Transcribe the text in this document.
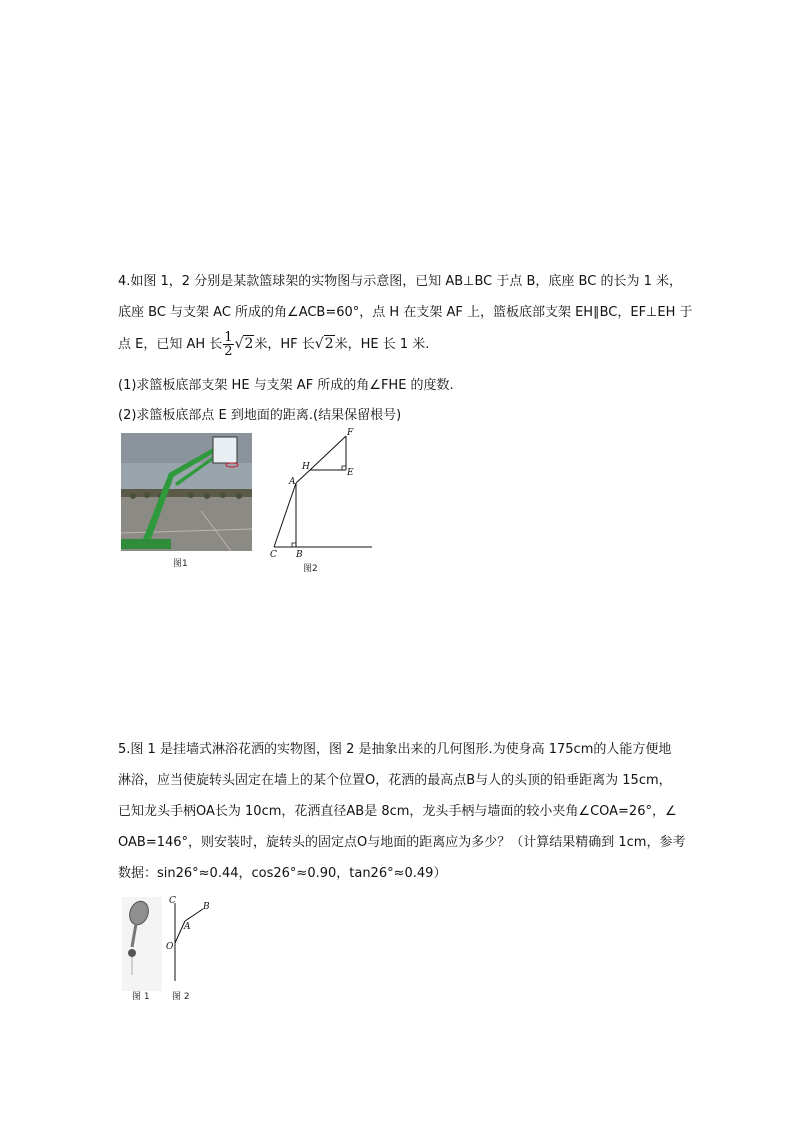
4.如图 1，2 分别是某款篮球架的实物图与示意图，已知 AB⊥BC 于点 B，底座 BC 的长为 1 米，
底座 BC 与支架 AC 所成的角∠ACB=60°，点 H 在支架 AF 上，篮板底部支架 EH∥BC，EF⊥EH 于
点 E，已知 AH 长 $\frac{1}{2} √2$米，HF 长√2米，HE 长 1 米.
(1)求篮板底部支架 HE 与支架 AF 所成的角∠FHE 的度数.
(2)求篮板底部点 E 到地面的距离.(结果保留根号)
图1
F
H
E
A
C B
图2
5.图 1 是挂墙式淋浴花洒的实物图，图 2 是抽象出来的几何图形.为使身高 175cm的人能方便地
淋浴，应当使旋转头固定在墙上的某个位置O，花洒的最高点B与人的头顶的铅垂距离为 15cm，
已知龙头手柄OA长为 10cm，花洒直径AB是 8cm，龙头手柄与墙面的较小夹角∠COA=26°，∠
OAB=146°，则安装时，旋转头的固定点O与地面的距离应为多少？（计算结果精确到 1cm，参考
数据：sin26°≈0.44，cos26°≈0.90，tan26°≈0.49）
图 1
C
B
A
O
图 2
